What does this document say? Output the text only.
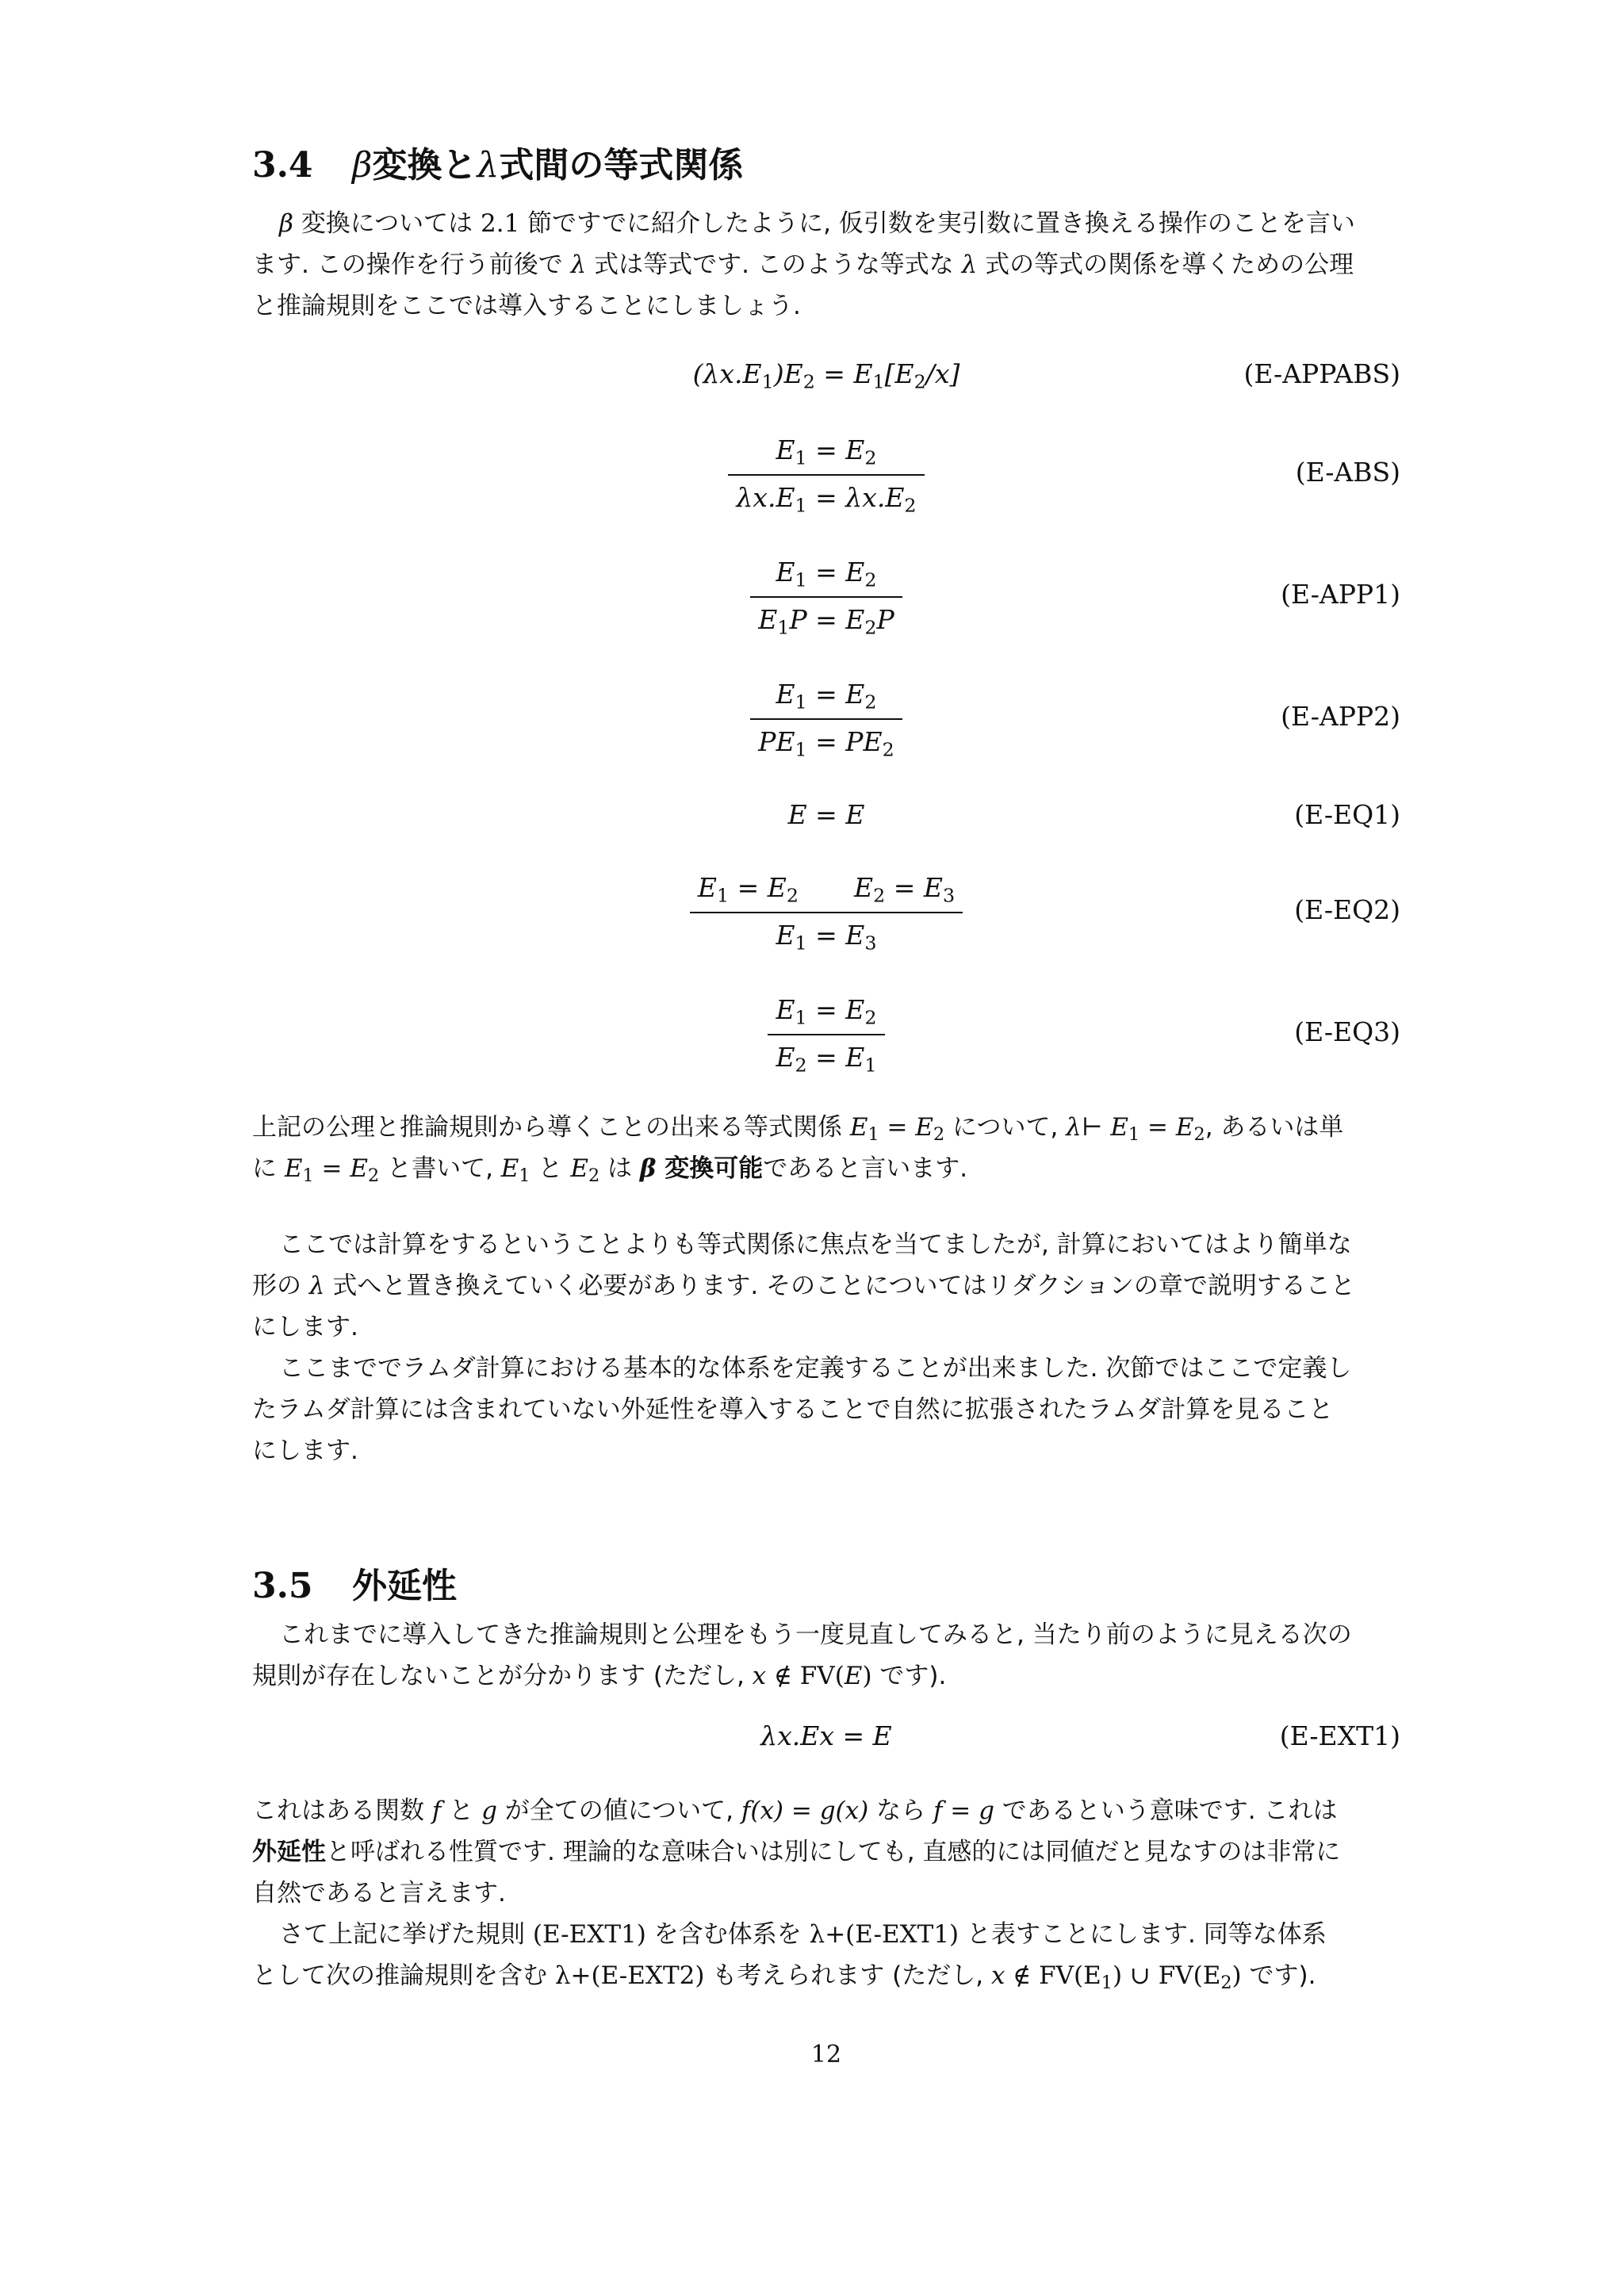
3.4 β変換とλ式間の等式関係
β 変換については 2.1 節ですでに紹介したように, 仮引数を実引数に置き換える操作のことを言い
ます. この操作を行う前後で λ 式は等式です. このような等式な λ 式の等式の関係を導くための公理
と推論規則をここでは導入することにしましょう.
$(\lambda x.E_1)E_2 = E_1[E_2/x]$	(E-APPABS)
$\frac{E_1 = E_2}{\lambda x.E_1 = \lambda x.E_2}$	(E-ABS)
$\frac{E_1 = E_2}{E_1P = E_2P}$	(E-APP1)
$\frac{E_1 = E_2}{PE_1 = PE_2}$	(E-APP2)
E = E	(E-EQ1)
$\frac{E_1 = E_2 E_2 = E_3}{E_1 = E_3}$	(E-EQ2)
$\frac{E_1 = E_2}{E_2 = E_1}$	(E-EQ3)
上記の公理と推論規則から導くことの出来る等式関係 $E_1 = E_2$ について, λ⊢ $E_1 = E_2$, あるいは単
に $E_1 = E_2$ と書いて, $E_1$ と $E_2$ は β 変換可能であると言います.
ここでは計算をするということよりも等式関係に焦点を当てましたが, 計算においてはより簡単な
形の λ 式へと置き換えていく必要があります. そのことについてはリダクションの章で説明すること
にします.
ここまででラムダ計算における基本的な体系を定義することが出来ました. 次節ではここで定義し
たラムダ計算には含まれていない外延性を導入することで自然に拡張されたラムダ計算を見ること
にします.
3.5 外延性
これまでに導入してきた推論規則と公理をもう一度見直してみると, 当たり前のように見える次の
規則が存在しないことが分かります (ただし, x ∉ FV(E) です).
λx.Ex = E	(E-EXT1)
これはある関数 f と g が全ての値について, f(x) = g(x) なら f = g であるという意味です. これは
外延性と呼ばれる性質です. 理論的な意味合いは別にしても, 直感的には同値だと見なすのは非常に
自然であると言えます.
さて上記に挙げた規則 (E-EXT1) を含む体系を λ+(E-EXT1) と表すことにします. 同等な体系
として次の推論規則を含む λ+(E-EXT2) も考えられます (ただし, x ∉ $FV(E_1)$ ∪ $FV(E_2)$ です).
12
